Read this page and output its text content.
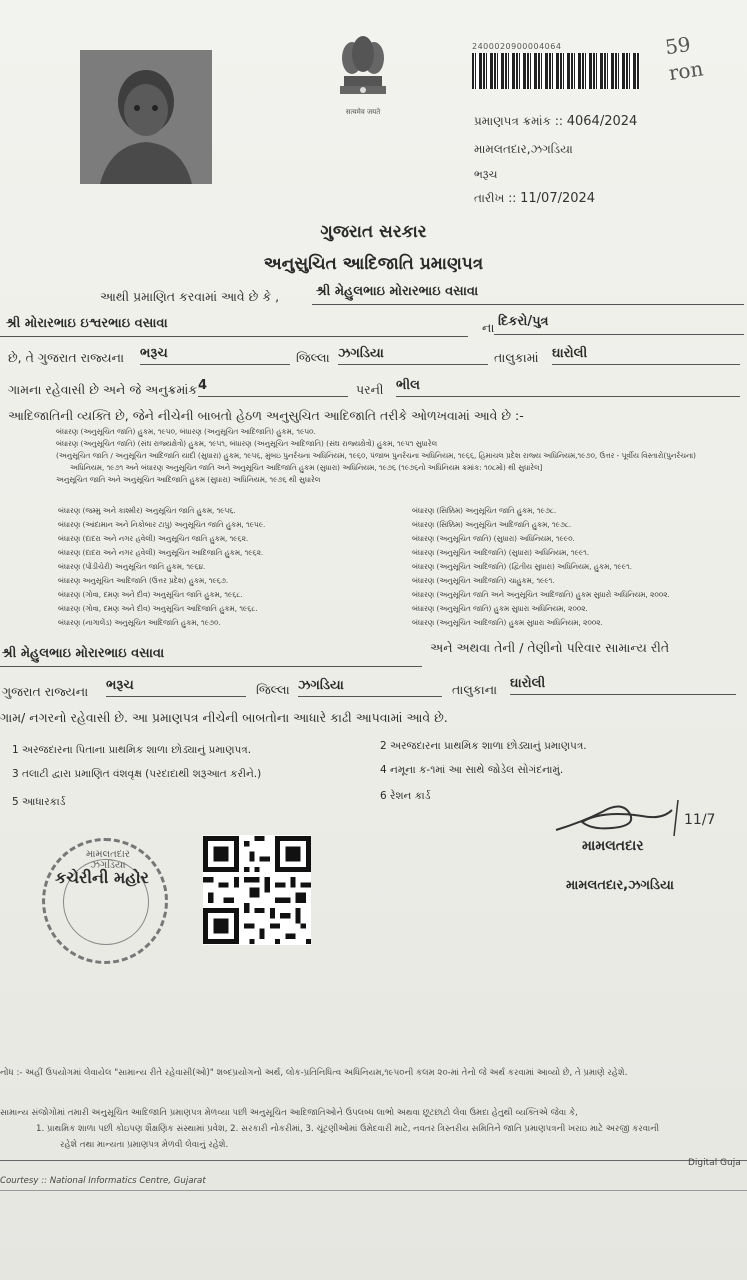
सत्यमेव जयते
2400020900004064	59
ron
પ્રમાણપત્ર ક્રમાંક :: 4064/2024
મામલતદાર,ઝગડિયા
ભરૂચ
તારીખ :: 11/07/2024
ગુજરાત સરકાર
અનુસુચિત આદિજાતિ પ્રમાણપત્ર
આથી પ્રમાણિત કરવામાં આવે છે કે ,	શ્રી મેહુલભાઇ મોરારભાઇ વસાવા
શ્રી મોરારભાઇ ઇશ્વરભાઇ વસાવા	ના દિકરો/પુત્ર
છે, તે ગુજરાત રાજ્યના ભરૂચ	જિલ્લા ઝગડિયા	તાલુકામાં ઘારોલી
ગામના રહેવાસી છે અને જે અનુક્રમાંક 4	પરની ભીલ
આદિજાતિની વ્યક્તિ છે, જેને નીચેની બાબતો હેઠળ અનુસુચિત આદિજાતિ તરીકે ઓળખવામાં આવે છે :-
બંધારણ (અનુસૂચિત જાતિ) હુકમ, ૧૯૫૦, બંધારણ (અનુસૂચિત આદિજાતિ) હુકમ, ૧૯૫૦.
બંધારણ (અનુસૂચિત જાતિ) (સંઘ રાજ્યક્ષેત્રો) હુકમ, ૧૯૫૧, બંધારણ (અનુસૂચિત આદિજાતિ) (સંઘ રાજ્યક્ષેત્રો) હુકમ, ૧૯૫૧ સુધારેલ
(અનુસૂચિત જાતિ / અનુસૂચિત આદિજાતિ યાદી (સુધારા) હુકમ, ૧૯૫૬, મુંબઇ પુનર્રચના અધિનિયમ, ૧૯૬૦, પંજાબ પુનર્રચના અધિનિયમ, ૧૯૬૬, હિમાચલ પ્રદેશ રાજ્ય અધિનિયમ,૧૯૭૦, ઉત્તર - પૂર્વીય વિસ્તારો(પુનર્રચના)
અધિનિયમ, ૧૯૭૧ અને બંધારણ અનુસૂચિત જાતિ અને અનુસૂચિત આદિજાતિ હુકમ (સુધારા) અધિનિયમ, ૧૯૭૬ (૧૯૭૬નો અધિનિયમ ક્રમાંક: ૧૦૮મો) થી સુધારેલ]
અનુસૂચિત જાતિ અને અનુસૂચિત આદિજાતિ હુકમ (સુધારા) અધિનિયમ, ૧૯૭૬ થી સુધારેલ
બંધારણ (જમ્મુ અને કાશ્મીર) અનુસૂચિત જાતિ હુકમ, ૧૯૫૬.
બંધારણ (આંદામાન અને નિકોબાર ટાપુ) અનુસૂચિત જાતિ હુકમ, ૧૯૫૯.
બંધારણ (દાદરા અને નગર હવેલી) અનુસૂચિત જાતિ હુકમ, ૧૯૬૨.
બંધારણ (દાદરા અને નગર હવેલી) અનુસૂચિત આદિજાતિ હુકમ, ૧૯૬૨.
બંધારણ (પોંડીચેરી) અનુસૂચિત જાતિ હુકમ, ૧૯૬૪.
બંધારણ અનુસૂચિત આદિજાતિ (ઉત્તર પ્રદેશ) હુકમ, ૧૯૬૭.
બંધારણ (ગોવા, દમણ અને દીવ) અનુસૂચિત જાતિ હુકમ, ૧૯૬૮.
બંધારણ (ગોવા, દમણ અને દીવ) અનુસૂચિત આદિજાતિ હુકમ, ૧૯૬૮.
બંધારણ (નાગાલેંડ) અનુસૂચિત આદિજાતિ હુકમ, ૧૯૭૦.
બંધારણ (સિક્કિમ) અનુસૂચિત જાતિ હુકમ, ૧૯૭૮.
બંધારણ (સિક્કિમ) અનુસૂચિત આદિજાતિ હુકમ, ૧૯૭૮.
બંધારણ (અનુસૂચિત જાતિ) (સુધારા) અધિનિયમ, ૧૯૯૦.
બંધારણ (અનુસૂચિત આદિજાતિ) (સુધારા) અધિનિયમ, ૧૯૯૧.
બંધારણ (અનુસૂચિત આદિજાતિ) (દ્વિતીય સુધારા) અધિનિયમ, હુકમ, ૧૯૯૧.
બંધારણ (અનુસૂચિત આદિજાતિ) ચાહુકમ, ૧૯૯૧.
બંધારણ (અનુસૂચિત જાતિ અને અનુસૂચિત આદિજાતિ) હુકમ સુધારો અધિનિયમ, ૨૦૦૨.
બંધારણ (અનુસૂચિત જાતિ) હુકમ સુધારા અધિનિયમ, ૨૦૦૨.
બંધારણ (અનુસૂચિત આદિજાતિ) હુકમ સુધારા અધિનિયમ, ૨૦૦૨.
શ્રી મેહુલભાઇ મોરારભાઇ વસાવા	અને અથવા તેની / તેણીનો પરિવાર સામાન્ય રીતે
ગુજરાત રાજ્યના ભરૂચ	જિલ્લા ઝગડિયા	તાલુકાના ઘારોલી
ગામ/ નગરનો રહેવાસી છે. આ પ્રમાણપત્ર નીચેની બાબતોના આધારે કાઢી આપવામાં આવે છે.
1 અરજદારના પિતાના પ્રાથમિક શાળા છોડ્યાનું પ્રમાણપત્ર.	2 અરજદારના પ્રાથમિક શાળા છોડ્યાનું પ્રમાણપત્ર.
3 તલાટી દ્વારા પ્રમાણિત વંશવૃક્ષ (પરદાદાથી શરૂઆત કરીને.)	4 નમૂના ક-૧માં આ સાથે જોડેલ સોગંદનામું.
5 આધારકાર્ડ	6 રેશન કાર્ડ
મામલતદાર ઝગડિયા
કચેરીની મહોર
11/7
મામલતદાર
મામલતદાર,ઝગડિયા
નોંધ :- અહીં ઉપયોગમાં લેવાયેલ "સામાન્ય રીતે રહેવાસી(ઓ)" શબ્દપ્રયોગનો અર્થ, લોક-પ્રતિનિધિત્વ અધિનિયમ,૧૯૫૦ની કલમ ૨૦-માં તેનો જે અર્થ કરવામાં આવ્યો છે, તે પ્રમાણે રહેશે.
સામાન્ય સંજોગોમાં તમારી અનુસૂચિત આદિજાતિ પ્રમાણપત્ર મેળવ્યા પછી અનુસૂચિત આદિજાતિઓને ઉપલબ્ધ લાભો અથવા છૂટછાટો લેવા ઉમદા હેતુથી વ્યક્તિએ જેવા કે,
1. પ્રાથમિક શાળા પછી કોઇપણ શૈક્ષણિક સંસ્થામાં પ્રવેશ, 2. સરકારી નોકરીમાં, 3. ચૂંટણીઓમાં ઉમેદવારી માટે, નવતર ત્રિસ્તરીય સમિતિને જાતિ પ્રમાણપત્રની ખરાઇ માટે અરજી કરવાની
રહેશે તથા માન્યતા પ્રમાણપત્ર મેળવી લેવાનું રહેશે.
Courtesy :: National Informatics Centre, Gujarat
Digital Guja
